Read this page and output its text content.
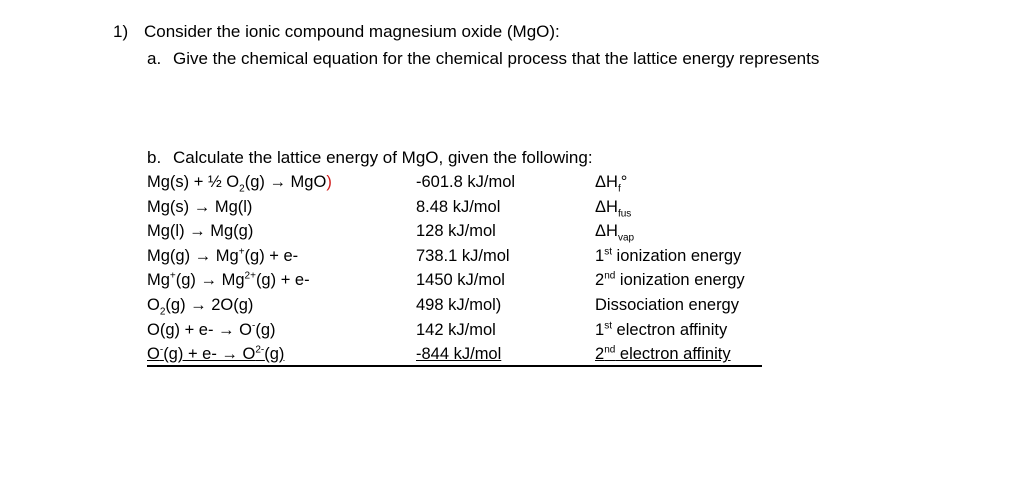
1) Consider the ionic compound magnesium oxide (MgO):
a. Give the chemical equation for the chemical process that the lattice energy represents
b. Calculate the lattice energy of MgO, given the following:
Mg(s) + ½ $O_2(g) \to MgO$)	-601.8 kJ/mol	$\Delta H_f^\circ$
Mg(s) → Mg(l)	8.48 kJ/mol	$\Delta H_{fus}$
Mg(l) → Mg(g)	128 kJ/mol	$\Delta H_{vap}$
Mg(g) → Mg+(g) + e-	738.1 kJ/mol	1st ionization energy
$Mg^+(g) \to Mg^{2+}(g) + e-$	1450 kJ/mol	2nd ionization energy
$O_2(g) \to 2O(g)$	498 kJ/mol)	Dissociation energy
O(g) + e- → O-(g)	142 kJ/mol	1st electron affinity
$O^-(g) + e- \to O^{2-}(g)$	-844 kJ/mol	2nd electron affinity
